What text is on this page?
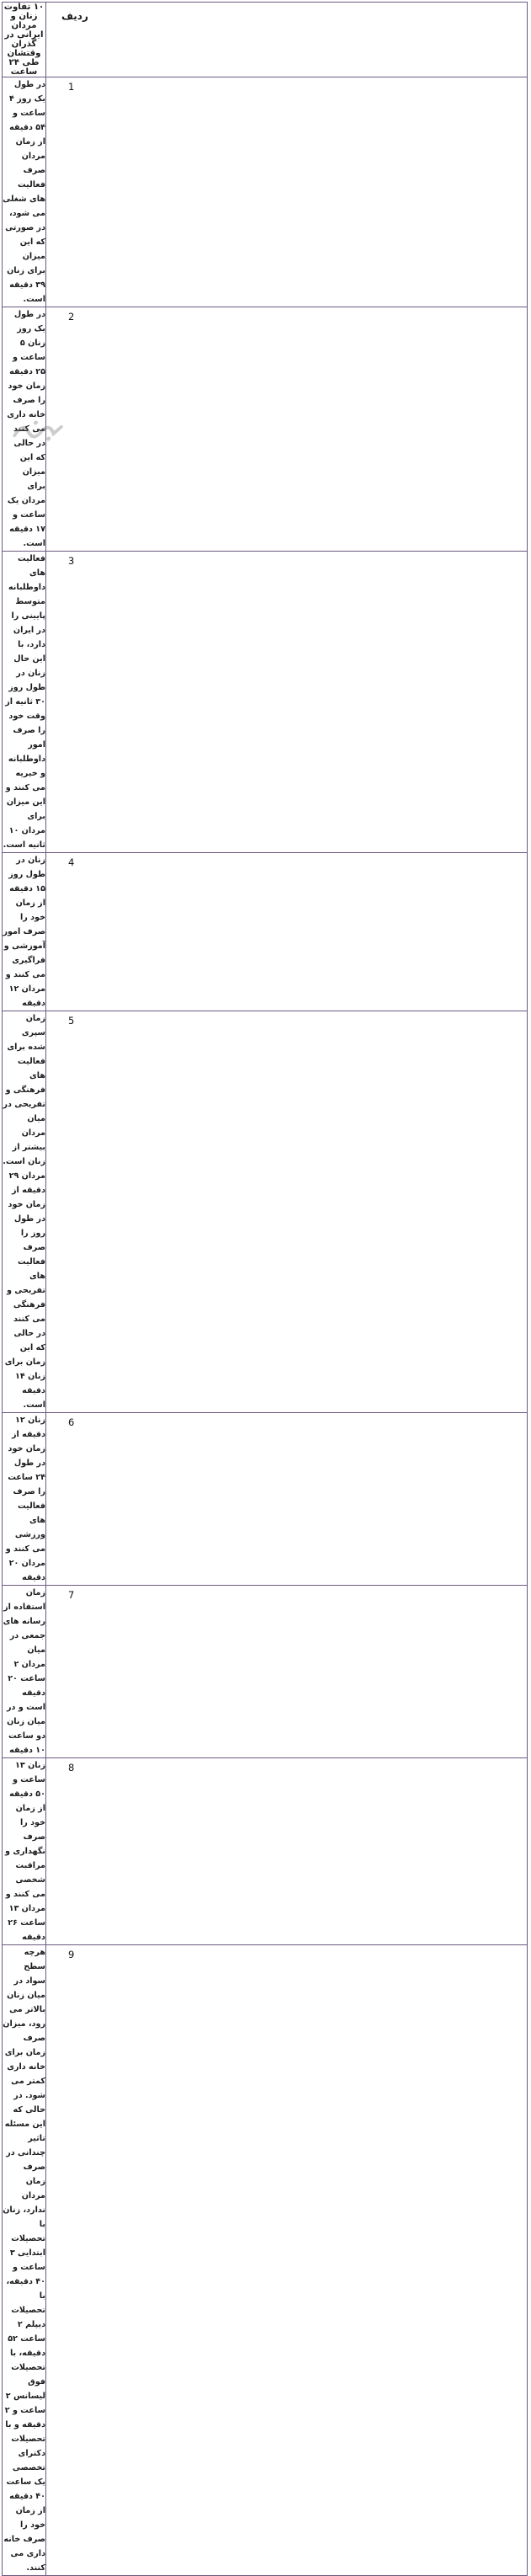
۱۰ تفاوت زنان و مردان ایرانی در گذران وقتشان طی ۲۴ ساعت	ردیف
در طول یک روز ۴ ساعت و ۵۴ دقیقه از زمان مردان صرف فعالیت های شغلی می شود، در صورتی که این میزان برای زنان ۳۹ دقیقه است.	1
در طول یک روز زنان ۵ ساعت و ۲۵ دقیقه زمان خود را صرف خانه داری می کنند در حالی که این میزان برای مردان یک ساعت و ۱۷ دقیقه است.	2
فعالیت های داوطلبانه متوسط پایینی را در ایران دارد، با این حال زنان در طول روز ۳۰ ثانیه از وقت خود را صرف امور داوطلبانه و خیریه می کنند و این میزان برای مردان ۱۰ ثانیه است.	3
زنان در طول روز ۱۵ دقیقه از زمان خود را صرف امور آموزشی و فراگیری می کنند و مردان ۱۲ دقیقه	4
زمان سپری شده برای فعالیت های فرهنگی و تفریحی در میان مردان بیشتر از زنان است. مردان ۲۹ دقیقه از زمان خود در طول روز را صرف فعالیت های تفریحی و فرهنگی می کنند در حالی که این زمان برای زنان ۱۴ دقیقه است.	5
زنان ۱۲ دقیقه از زمان خود در طول ۲۴ ساعت را صرف فعالیت های ورزشی می کنند و مردان ۲۰ دقیقه	6
زمان استفاده از رسانه های جمعی در میان مردان ۲ ساعت ۲۰ دقیقه است و در میان زنان دو ساعت ۱۰ دقیقه	7
زنان ۱۳ ساعت و ۵۰ دقیقه از زمان خود را صرف نگهداری و مراقبت شخصی می کنند و مردان ۱۳ ساعت ۲۶ دقیقه	8
هرچه سطح سواد در میان زنان بالاتر می رود، میزان صرف زمان برای خانه داری کمتر می شود. در حالی که این مسئله تاثیر چندانی در صرف زمان مردان ندارد، زنان با تحصیلات ابتدایی ۳ ساعت و ۴۰ دقیقه، با تحصیلات دیپلم ۲ ساعت ۵۲ دقیقه، با تحصیلات فوق لیسانس ۲ ساعت و ۲ دقیقه و با تحصیلات دکترای تخصصی یک ساعت ۴۰ دقیقه از زمان خود را صرف خانه داری می کنند.	9
